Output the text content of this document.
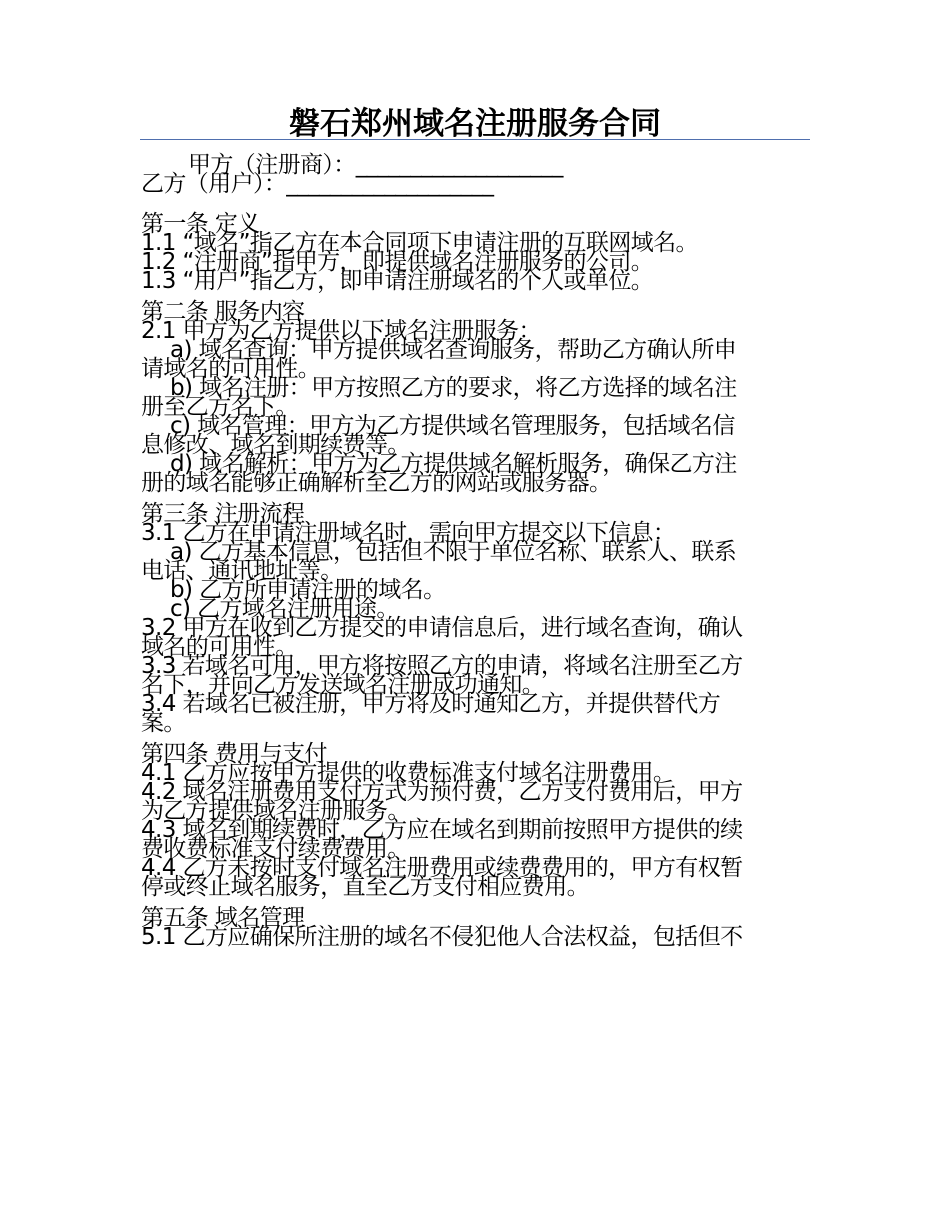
磐石郑州域名注册服务合同
甲方（注册商）：___________________
乙方（用户）：___________________
第一条 定义
1.1 “域名”指乙方在本合同项下申请注册的互联网域名。
1.2 “注册商”指甲方，即提供域名注册服务的公司。
1.3 “用户”指乙方，即申请注册域名的个人或单位。
第二条 服务内容
2.1 甲方为乙方提供以下域名注册服务：
a) 域名查询：甲方提供域名查询服务，帮助乙方确认所申
请域名的可用性。
b) 域名注册：甲方按照乙方的要求，将乙方选择的域名注
册至乙方名下。
c) 域名管理：甲方为乙方提供域名管理服务，包括域名信
息修改、域名到期续费等。
d) 域名解析：甲方为乙方提供域名解析服务，确保乙方注
册的域名能够正确解析至乙方的网站或服务器。
第三条 注册流程
3.1 乙方在申请注册域名时，需向甲方提交以下信息：
a) 乙方基本信息，包括但不限于单位名称、联系人、联系
电话、通讯地址等。
b) 乙方所申请注册的域名。
c) 乙方域名注册用途。
3.2 甲方在收到乙方提交的申请信息后，进行域名查询，确认
域名的可用性。
3.3 若域名可用，甲方将按照乙方的申请，将域名注册至乙方
名下，并向乙方发送域名注册成功通知。
3.4 若域名已被注册，甲方将及时通知乙方，并提供替代方
案。
第四条 费用与支付
4.1 乙方应按甲方提供的收费标准支付域名注册费用。
4.2 域名注册费用支付方式为预付费，乙方支付费用后，甲方
为乙方提供域名注册服务。
4.3 域名到期续费时，乙方应在域名到期前按照甲方提供的续
费收费标准支付续费费用。
4.4 乙方未按时支付域名注册费用或续费费用的，甲方有权暂
停或终止域名服务，直至乙方支付相应费用。
第五条 域名管理
5.1 乙方应确保所注册的域名不侵犯他人合法权益，包括但不
